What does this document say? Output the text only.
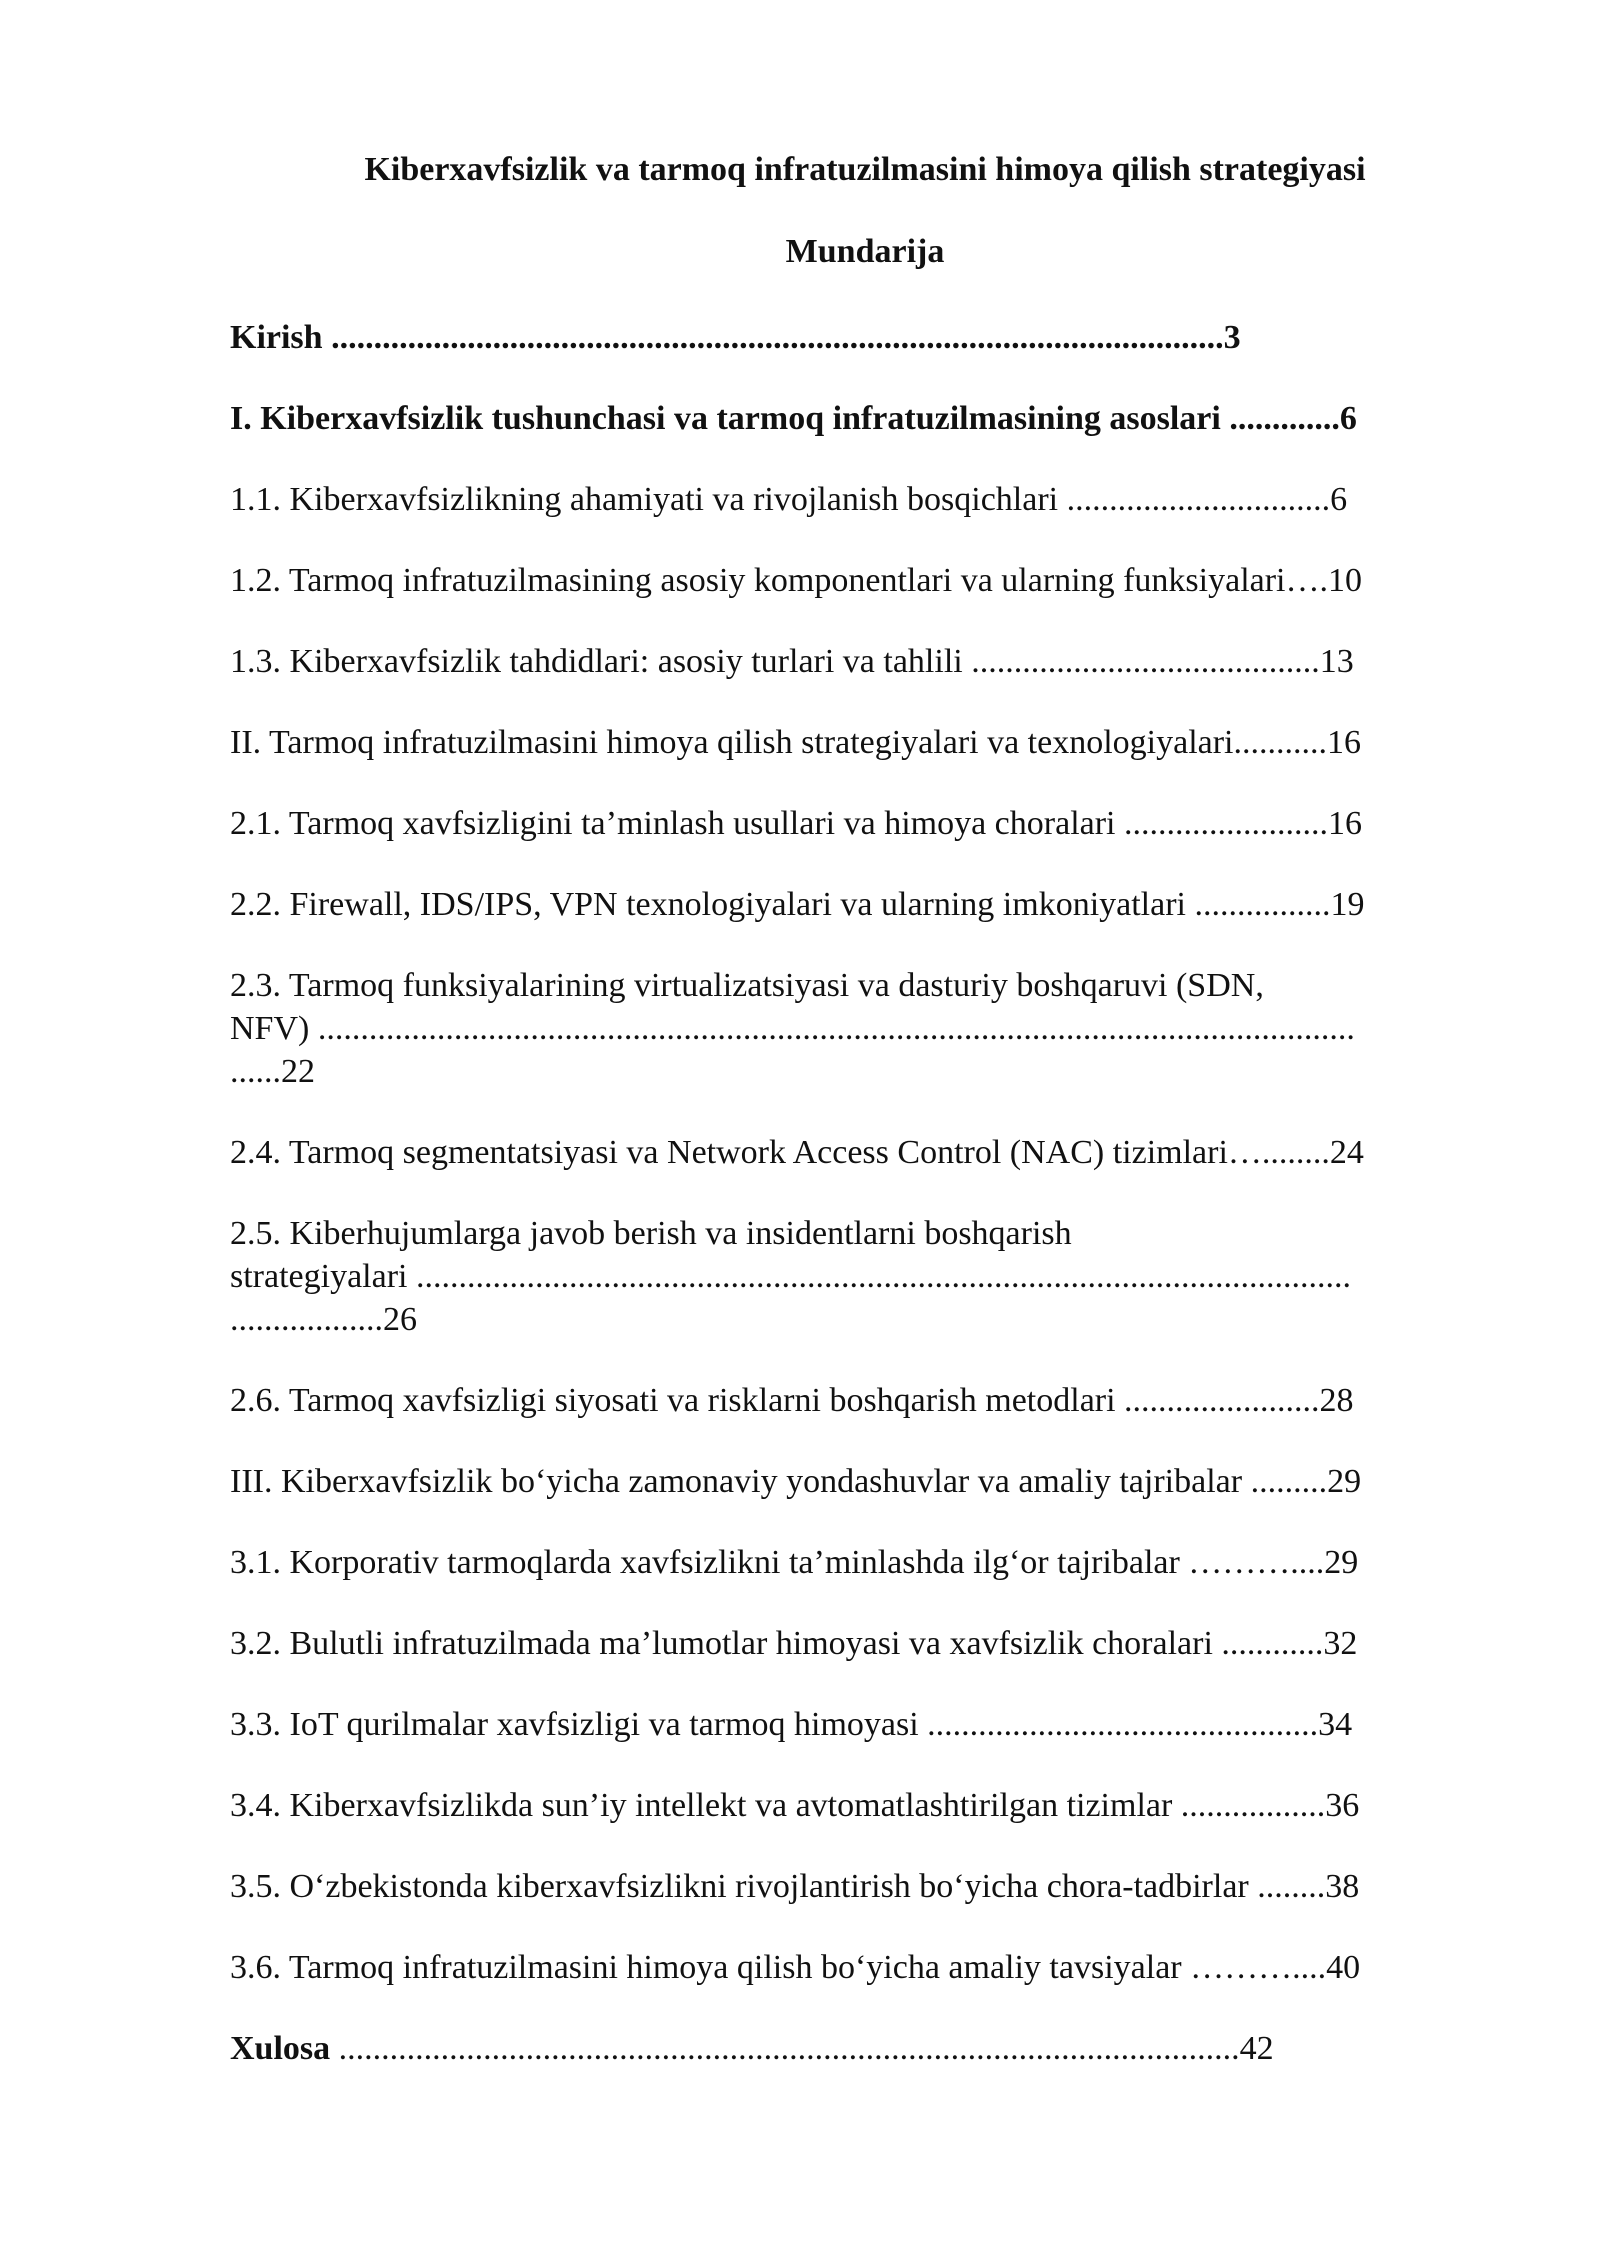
Kiberxavfsizlik va tarmoq infratuzilmasini himoya qilish strategiyasi
Mundarija
Kirish .........................................................................................................3
I. Kiberxavfsizlik tushunchasi va tarmoq infratuzilmasining asoslari .............6
1.1. Kiberxavfsizlikning ahamiyati va rivojlanish bosqichlari ...............................6
1.2. Tarmoq infratuzilmasining asosiy komponentlari va ularning funksiyalari….10
1.3. Kiberxavfsizlik tahdidlari: asosiy turlari va tahlili .........................................13
II. Tarmoq infratuzilmasini himoya qilish strategiyalari va texnologiyalari...........16
2.1. Tarmoq xavfsizligini ta’minlash usullari va himoya choralari ........................16
2.2. Firewall, IDS/IPS, VPN texnologiyalari va ularning imkoniyatlari ................19
2.3. Tarmoq funksiyalarining virtualizatsiyasi va dasturiy boshqaruvi (SDN,
NFV) ..........................................................................................................................
......22
2.4. Tarmoq segmentatsiyasi va Network Access Control (NAC) tizimlari…........24
2.5. Kiberhujumlarga javob berish va insidentlarni boshqarish
strategiyalari ..............................................................................................................
..................26
2.6. Tarmoq xavfsizligi siyosati va risklarni boshqarish metodlari .......................28
III. Kiberxavfsizlik bo‘yicha zamonaviy yondashuvlar va amaliy tajribalar .........29
3.1. Korporativ tarmoqlarda xavfsizlikni ta’minlashda ilg‘or tajribalar ………....29
3.2. Bulutli infratuzilmada ma’lumotlar himoyasi va xavfsizlik choralari ............32
3.3. IoT qurilmalar xavfsizligi va tarmoq himoyasi ..............................................34
3.4. Kiberxavfsizlikda sun’iy intellekt va avtomatlashtirilgan tizimlar .................36
3.5. O‘zbekistonda kiberxavfsizlikni rivojlantirish bo‘yicha chora-tadbirlar ........38
3.6. Tarmoq infratuzilmasini himoya qilish bo‘yicha amaliy tavsiyalar ………....40
Xulosa ..........................................................................................................42
